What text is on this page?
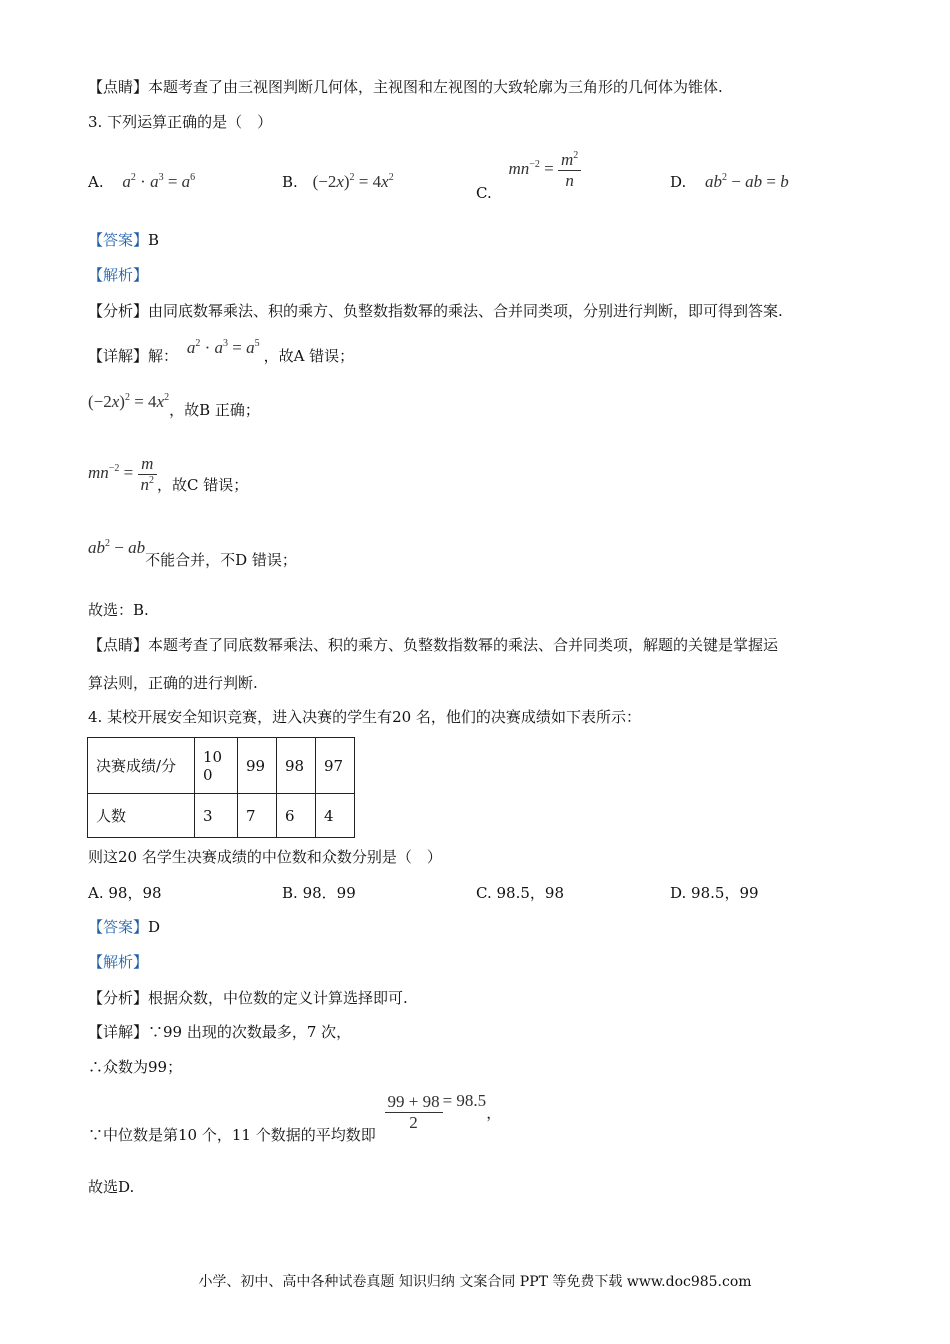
【点睛】本题考查了由三视图判断几何体，主视图和左视图的大致轮廓为三角形的几何体为锥体.
3. 下列运算正确的是（　）
A. $a^2 \cdot a^3 = a^6$	B. $(-2x)^2 = 4x^2$
C. $mn^{-2} = \frac{m^2}{n}$	D. $ab^2$ − ab = b
【答案】B
【解析】
【分析】由同底数幂乘法、积的乘方、负整数指数幂的乘法、合并同类项，分别进行判断，即可得到答案.
【详解】解： $a^2 \cdot a^3 = a^5$，故A 错误；
$(-2x)^2 = 4x^2$，故B 正确；
$mn^{-2} = \frac{m}{n^2}$ ，故C 错误；
$ab^2$ − ab不能合并，不D 错误；
故选：B.
【点睛】本题考查了同底数幂乘法、积的乘方、负整数指数幂的乘法、合并同类项，解题的关键是掌握运
算法则，正确的进行判断.
4. 某校开展安全知识竞赛，进入决赛的学生有20 名，他们的决赛成绩如下表所示：
决赛成绩/分	100	99	98	97
人数	3	7	6	4
则这20 名学生决赛成绩的中位数和众数分别是（　）
A. 98，98	B. 98．99	C. 98.5，98	D. 98.5，99
【答案】D
【解析】
【分析】根据众数，中位数的定义计算选择即可.
【详解】∵99 出现的次数最多，7 次，
∴众数为99；
∵中位数是第10 个，11 个数据的平均数即
$\frac{99 + 98}{2} = 98.5$，
故选D.
小学、初中、高中各种试卷真题 知识归纳 文案合同 PPT 等免费下载 www.doc985.com
